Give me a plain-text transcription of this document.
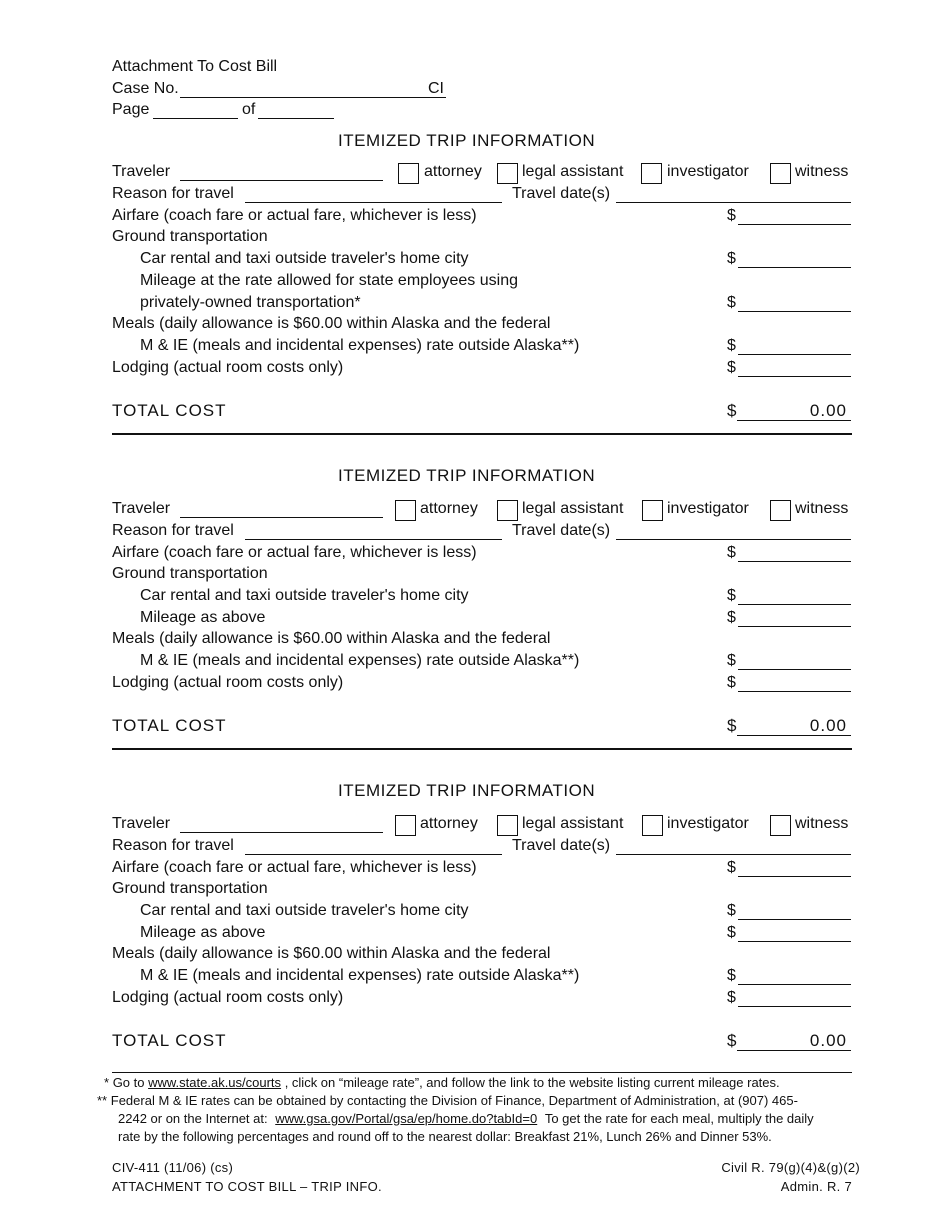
Attachment To Cost Bill
Case No.	CI
Page	of
ITEMIZED TRIP INFORMATION
Traveler	attorney	legal assistant	investigator	witness
Reason for travel	Travel date(s)
Airfare (coach fare or actual fare, whichever is less)	$
Ground transportation
Car rental and taxi outside traveler's home city	$
Mileage at the rate allowed for state employees using
privately-owned transportation*	$
Meals (daily allowance is $60.00 within Alaska and the federal
M & IE (meals and incidental expenses) rate outside Alaska**)	$
Lodging (actual room costs only)	$
TOTAL COST	$	0.00
ITEMIZED TRIP INFORMATION
Traveler	attorney	legal assistant	investigator	witness
Reason for travel	Travel date(s)
Airfare (coach fare or actual fare, whichever is less)	$
Ground transportation
Car rental and taxi outside traveler's home city	$
Mileage as above	$
Meals (daily allowance is $60.00 within Alaska and the federal
M & IE (meals and incidental expenses) rate outside Alaska**)	$
Lodging (actual room costs only)	$
TOTAL COST	$	0.00
ITEMIZED TRIP INFORMATION
Traveler	attorney	legal assistant	investigator	witness
Reason for travel	Travel date(s)
Airfare (coach fare or actual fare, whichever is less)	$
Ground transportation
Car rental and taxi outside traveler's home city	$
Mileage as above	$
Meals (daily allowance is $60.00 within Alaska and the federal
M & IE (meals and incidental expenses) rate outside Alaska**)	$
Lodging (actual room costs only)	$
TOTAL COST	$	0.00
* Go to www.state.ak.us/courts , click on “mileage rate”, and follow the link to the website listing current mileage rates.
** Federal M & IE rates can be obtained by contacting the Division of Finance, Department of Administration, at (907) 465-
2242 or on the Internet at: www.gsa.gov/Portal/gsa/ep/home.do?tabId=0 To get the rate for each meal, multiply the daily
rate by the following percentages and round off to the nearest dollar: Breakfast 21%, Lunch 26% and Dinner 53%.
CIV-411 (11/06) (cs)
ATTACHMENT TO COST BILL – TRIP INFO.
Civil R. 79(g)(4)&(g)(2)
Admin. R. 7
